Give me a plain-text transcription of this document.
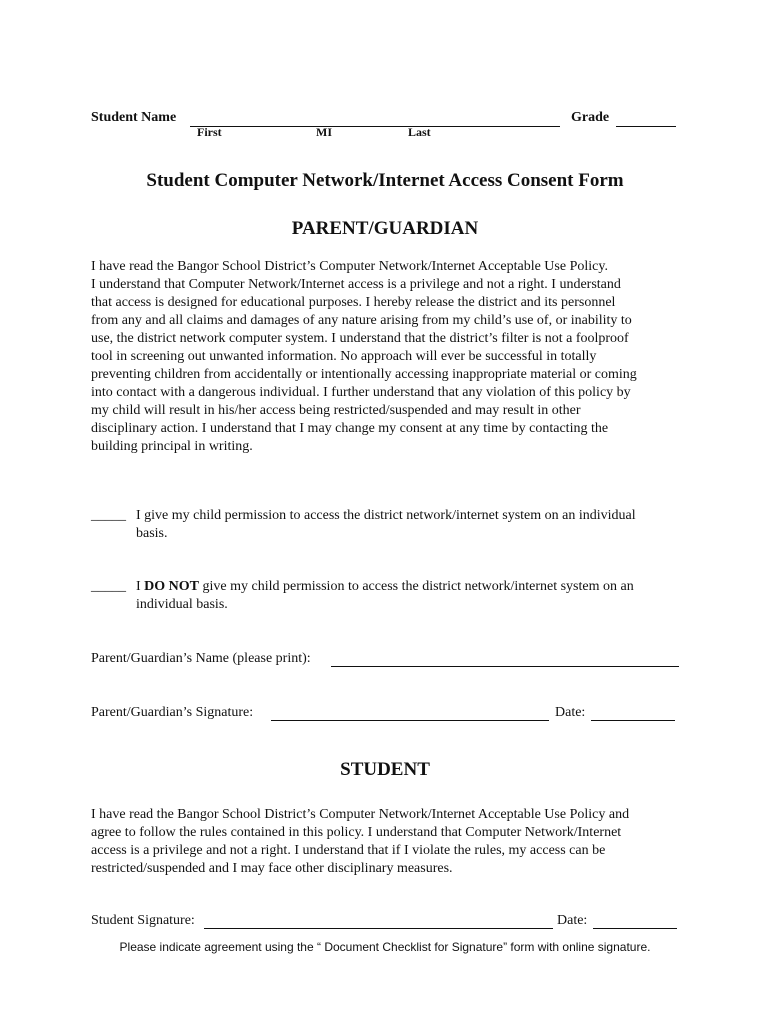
Student Name	Grade
First	MI	Last
Student Computer Network/Internet Access Consent Form
PARENT/GUARDIAN
I have read the Bangor School District’s Computer Network/Internet Acceptable Use Policy.
I understand that Computer Network/Internet access is a privilege and not a right. I understand
that access is designed for educational purposes. I hereby release the district and its personnel
from any and all claims and damages of any nature arising from my child’s use of, or inability to
use, the district network computer system. I understand that the district’s filter is not a foolproof
tool in screening out unwanted information. No approach will ever be successful in totally
preventing children from accidentally or intentionally accessing inappropriate material or coming
into contact with a dangerous individual. I further understand that any violation of this policy by
my child will result in his/her access being restricted/suspended and may result in other
disciplinary action. I understand that I may change my consent at any time by contacting the
building principal in writing.
_____ I give my child permission to access the district network/internet system on an individual
basis.
_____ I DO NOT give my child permission to access the district network/internet system on an
individual basis.
Parent/Guardian’s Name (please print):
Parent/Guardian’s Signature:	Date:
STUDENT
I have read the Bangor School District’s Computer Network/Internet Acceptable Use Policy and
agree to follow the rules contained in this policy. I understand that Computer Network/Internet
access is a privilege and not a right. I understand that if I violate the rules, my access can be
restricted/suspended and I may face other disciplinary measures.
Student Signature:	Date:
Please indicate agreement using the “ Document Checklist for Signature” form with online signature.
